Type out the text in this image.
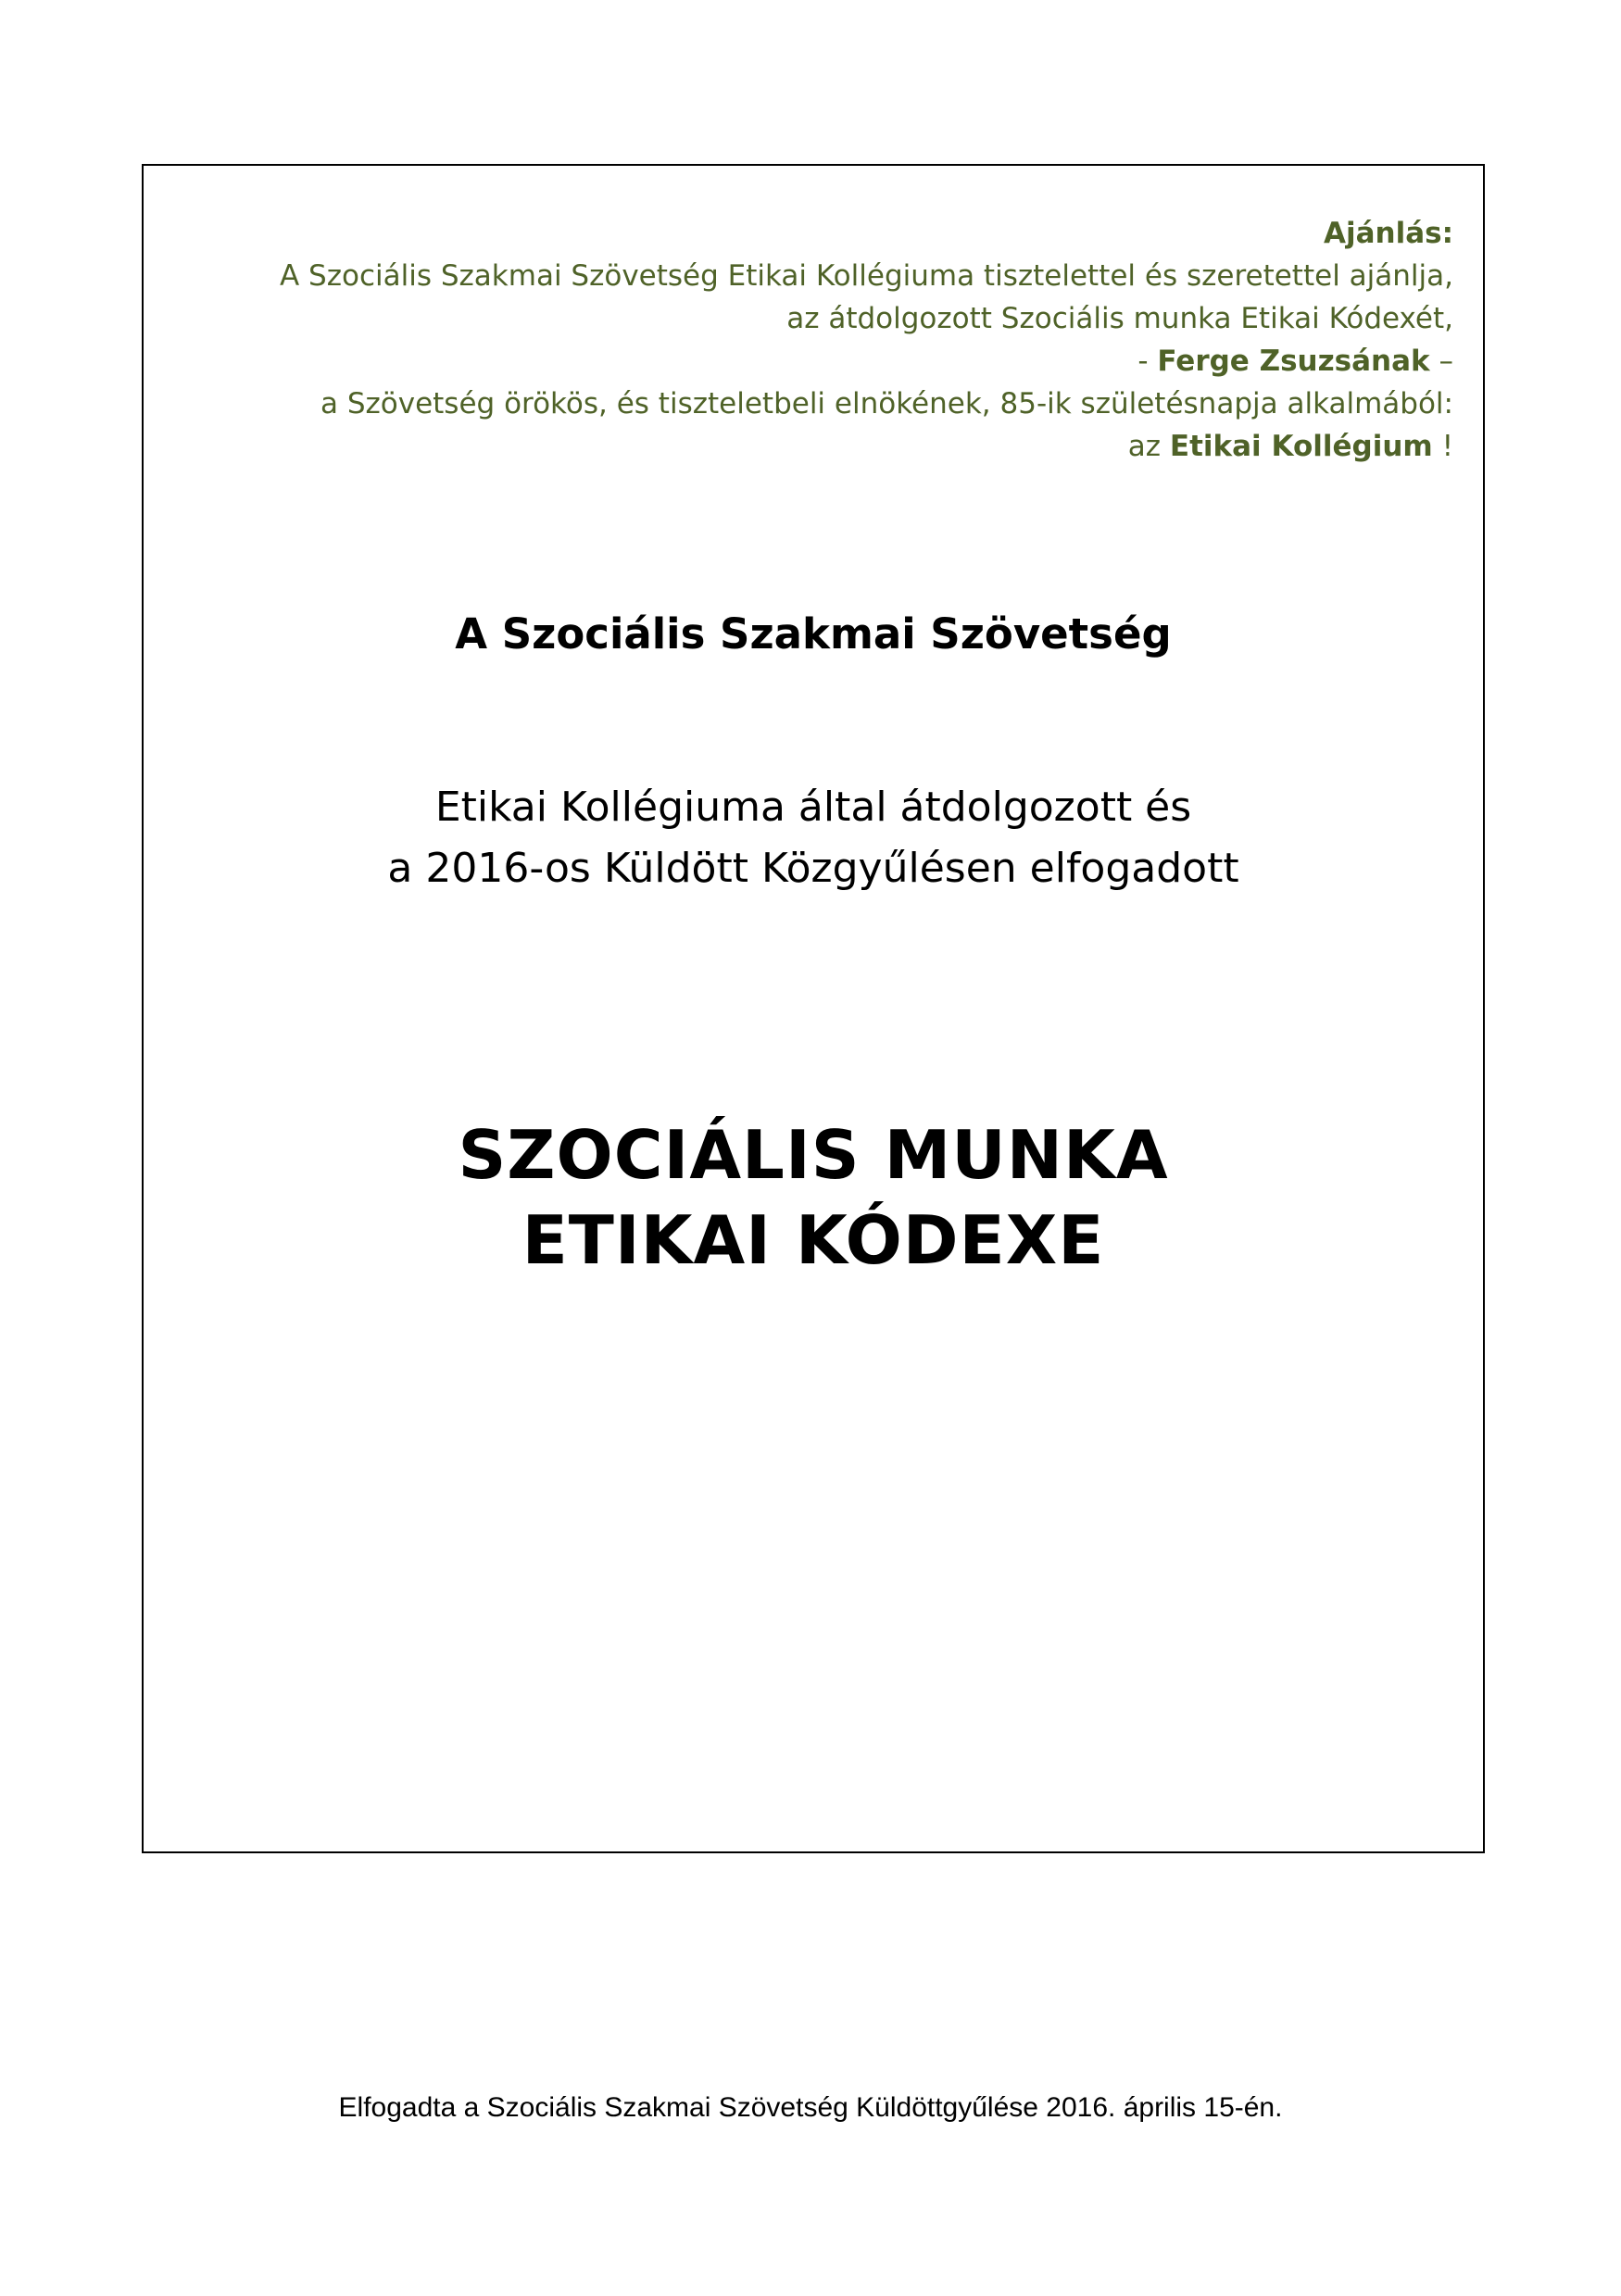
Ajánlás:
A Szociális Szakmai Szövetség Etikai Kollégiuma tisztelettel és szeretettel ajánlja,
az átdolgozott Szociális munka Etikai Kódexét,
- Ferge Zsuzsának –
a Szövetség örökös, és tiszteletbeli elnökének, 85-ik születésnapja alkalmából:
az Etikai Kollégium !
A Szociális Szakmai Szövetség
Etikai Kollégiuma által átdolgozott és
a 2016-os Küldött Közgyűlésen elfogadott
SZOCIÁLIS MUNKA
ETIKAI KÓDEXE
Elfogadta a Szociális Szakmai Szövetség Küldöttgyűlése 2016. április 15-én.
